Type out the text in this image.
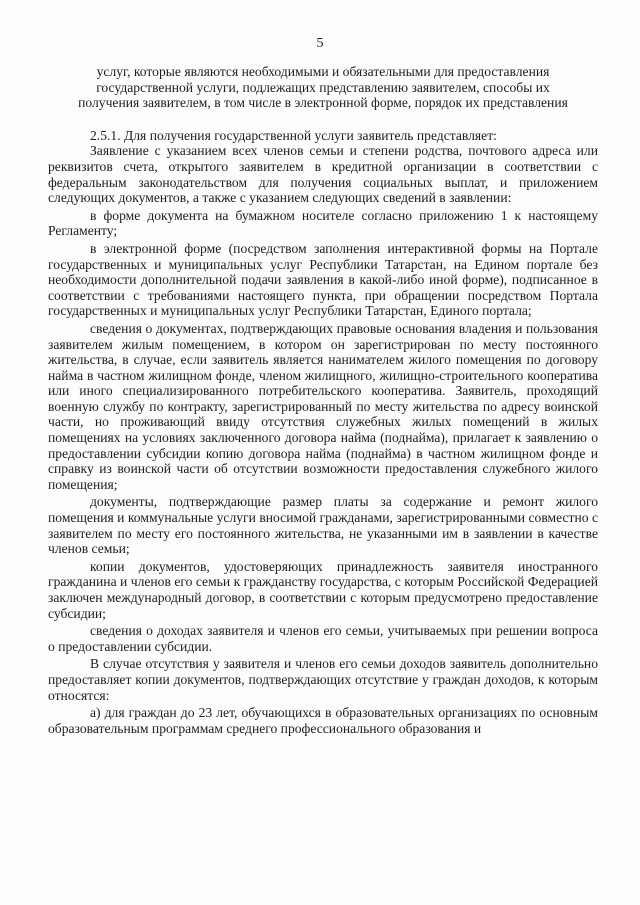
5
услуг, которые являются необходимыми и обязательными для предоставления
государственной услуги, подлежащих представлению заявителем, способы их
получения заявителем, в том числе в электронной форме, порядок их представления

2.5.1. Для получения государственной услуги заявитель представляет:

Заявление с указанием всех членов семьи и степени родства, почтового адреса или реквизитов счета, открытого заявителем в кредитной организации в соответствии с федеральным законодательством для получения социальных выплат, и приложением следующих документов, а также с указанием следующих сведений в заявлении:

в форме документа на бумажном носителе согласно приложению 1 к настоящему Регламенту;

в электронной форме (посредством заполнения интерактивной формы на Портале государственных и муниципальных услуг Республики Татарстан, на Едином портале без необходимости дополнительной подачи заявления в какой-либо иной форме), подписанное в соответствии с требованиями настоящего пункта, при обращении посредством Портала государственных и муниципальных услуг Республики Татарстан, Единого портала;

сведения о документах, подтверждающих правовые основания владения и пользования заявителем жилым помещением, в котором он зарегистрирован по месту постоянного жительства, в случае, если заявитель является нанимателем жилого помещения по договору найма в частном жилищном фонде, членом жилищного, жилищно-строительного кооператива или иного специализированного потребительского кооператива. Заявитель, проходящий военную службу по контракту, зарегистрированный по месту жительства по адресу воинской части, но проживающий ввиду отсутствия служебных жилых помещений в жилых помещениях на условиях заключенного договора найма (поднайма), прилагает к заявлению о предоставлении субсидии копию договора найма (поднайма) в частном жилищном фонде и справку из воинской части об отсутствии возможности предоставления служебного жилого помещения;

документы, подтверждающие размер платы за содержание и ремонт жилого помещения и коммунальные услуги вносимой гражданами, зарегистрированными совместно с заявителем по месту его постоянного жительства, не указанными им в заявлении в качестве членов семьи;

копии документов, удостоверяющих принадлежность заявителя иностранного гражданина и членов его семьи к гражданству государства, с которым Российской Федерацией заключен международный договор, в соответствии с которым предусмотрено предоставление субсидии;

сведения о доходах заявителя и членов его семьи, учитываемых при решении вопроса о предоставлении субсидии.

В случае отсутствия у заявителя и членов его семьи доходов заявитель дополнительно предоставляет копии документов, подтверждающих отсутствие у граждан доходов, к которым относятся:

а) для граждан до 23 лет, обучающихся в образовательных организациях по основным образовательным программам среднего профессионального образования и
